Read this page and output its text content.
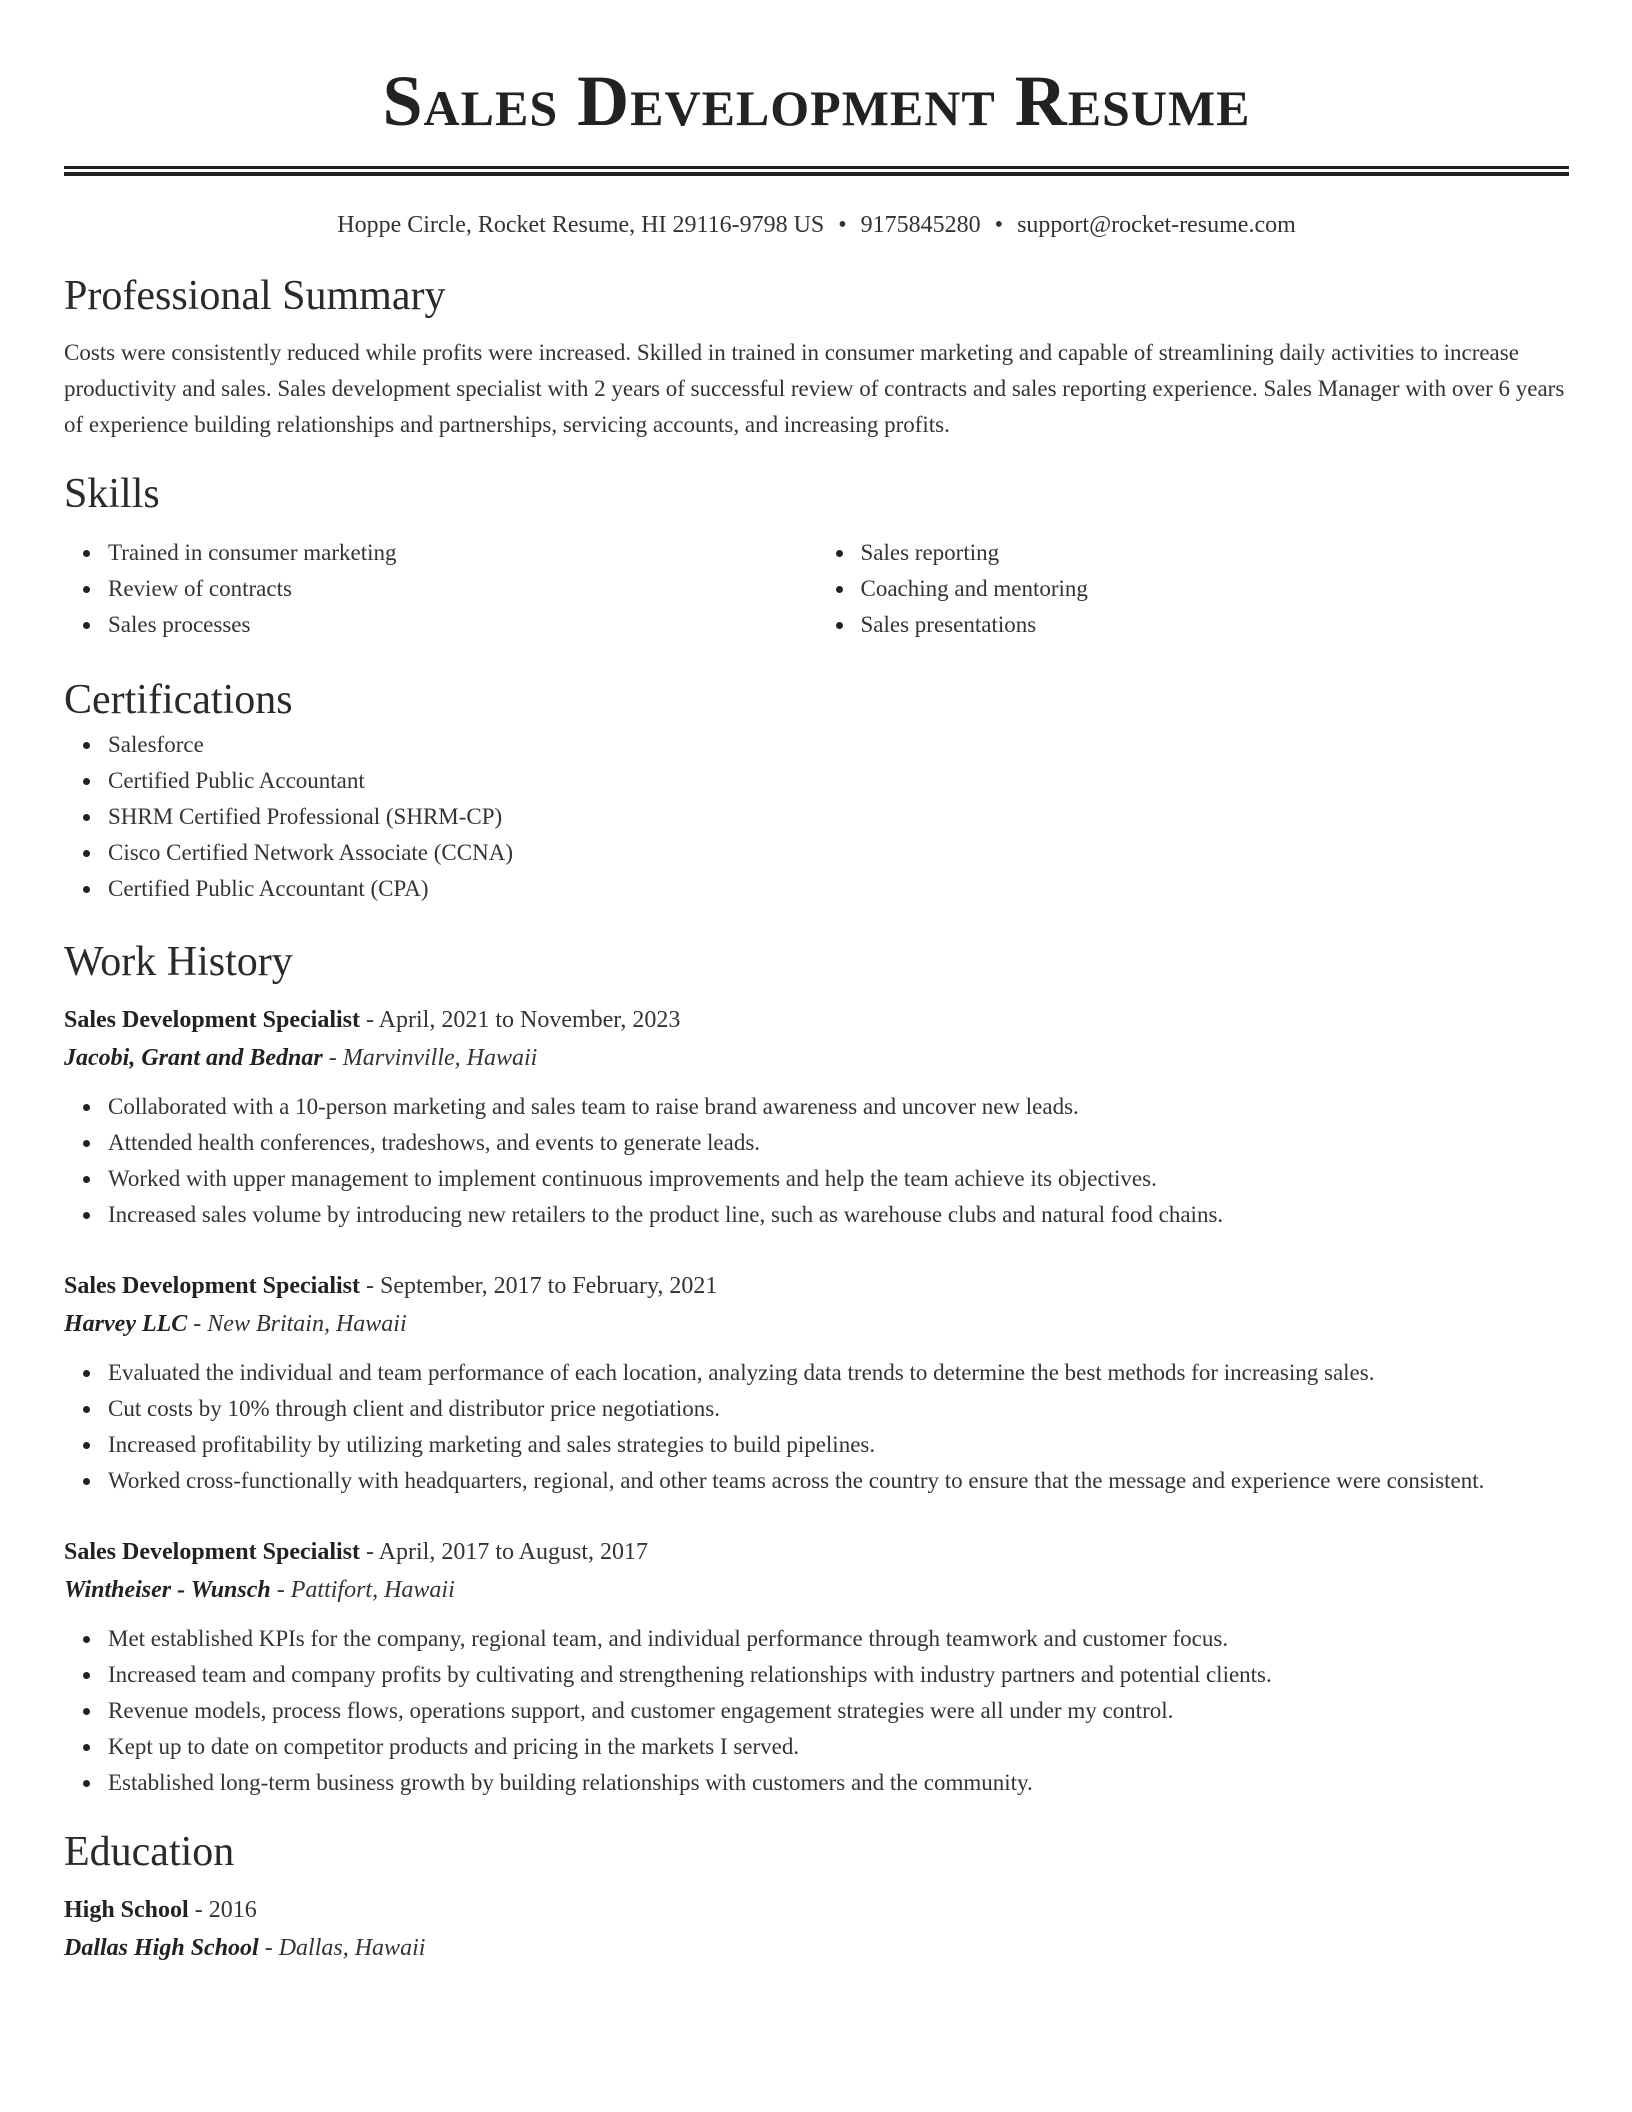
Sales Development Resume
Hoppe Circle, Rocket Resume, HI 29116-9798 US • 9175845280 • support@rocket-resume.com
Professional Summary

Costs were consistently reduced while profits were increased. Skilled in trained in consumer marketing and capable of streamlining daily activities to increase productivity and sales. Sales development specialist with 2 years of successful review of contracts and sales reporting experience. Sales Manager with over 6 years of experience building relationships and partnerships, servicing accounts, and increasing profits.

Skills
Trained in consumer marketing
Review of contracts
Sales processes
Sales reporting
Coaching and mentoring
Sales presentations
Certifications
Salesforce
Certified Public Accountant
SHRM Certified Professional (SHRM-CP)
Cisco Certified Network Associate (CCNA)
Certified Public Accountant (CPA)
Work History
Sales Development Specialist - April, 2021 to November, 2023
Jacobi, Grant and Bednar - Marvinville, Hawaii
Collaborated with a 10-person marketing and sales team to raise brand awareness and uncover new leads.
Attended health conferences, tradeshows, and events to generate leads.
Worked with upper management to implement continuous improvements and help the team achieve its objectives.
Increased sales volume by introducing new retailers to the product line, such as warehouse clubs and natural food chains.
Sales Development Specialist - September, 2017 to February, 2021
Harvey LLC - New Britain, Hawaii
Evaluated the individual and team performance of each location, analyzing data trends to determine the best methods for increasing sales.
Cut costs by 10% through client and distributor price negotiations.
Increased profitability by utilizing marketing and sales strategies to build pipelines.
Worked cross-functionally with headquarters, regional, and other teams across the country to ensure that the message and experience were consistent.
Sales Development Specialist - April, 2017 to August, 2017
Wintheiser - Wunsch - Pattifort, Hawaii
Met established KPIs for the company, regional team, and individual performance through teamwork and customer focus.
Increased team and company profits by cultivating and strengthening relationships with industry partners and potential clients.
Revenue models, process flows, operations support, and customer engagement strategies were all under my control.
Kept up to date on competitor products and pricing in the markets I served.
Established long-term business growth by building relationships with customers and the community.
Education
High School - 2016
Dallas High School - Dallas, Hawaii
